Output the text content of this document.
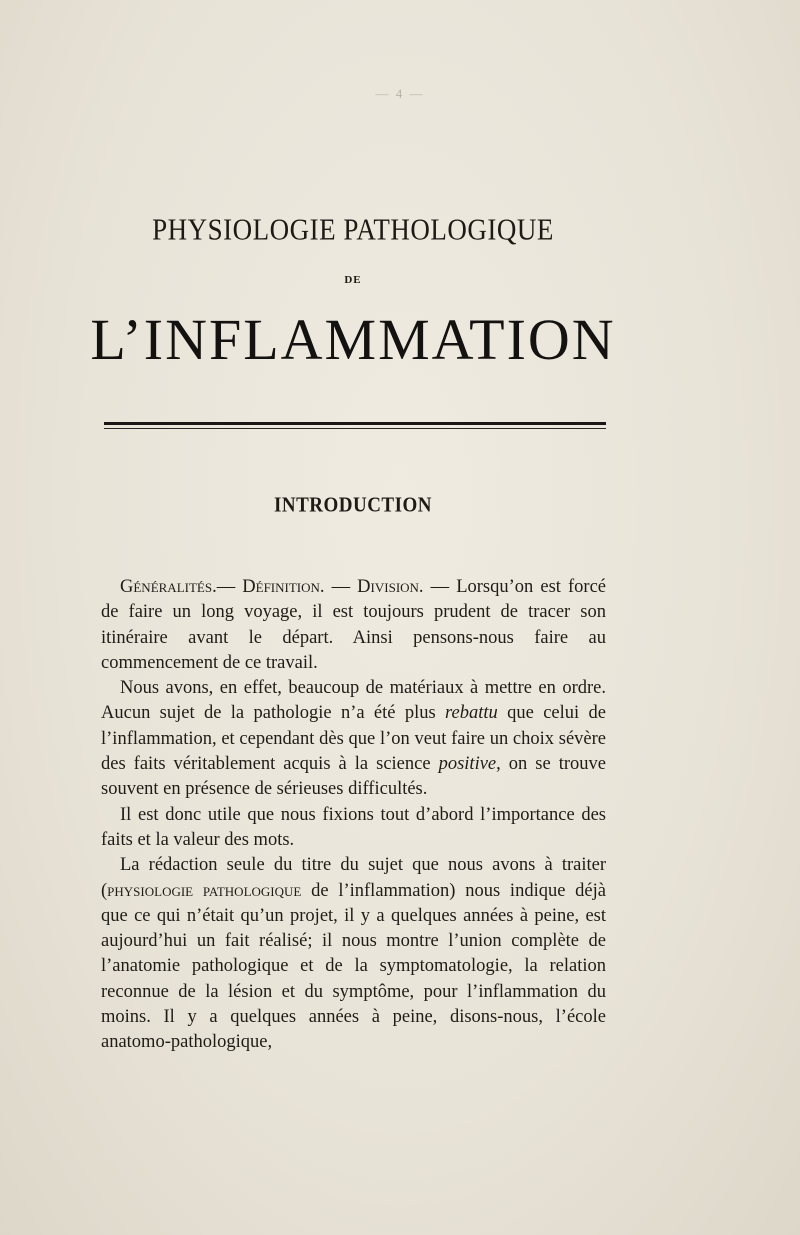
— 4 —
PHYSIOLOGIE PATHOLOGIQUE
DE
L’INFLAMMATION
INTRODUCTION

Généralités.— Définition. — Division. — Lorsqu’on est forcé de faire un long voyage, il est toujours prudent de tracer son itinéraire avant le départ. Ainsi pensons-nous faire au commencement de ce travail.

Nous avons, en effet, beaucoup de matériaux à mettre en ordre. Aucun sujet de la pathologie n’a été plus rebattu que celui de l’inflammation, et cependant dès que l’on veut faire un choix sévère des faits véritablement acquis à la science positive, on se trouve souvent en présence de sérieuses difficultés.

Il est donc utile que nous fixions tout d’abord l’importance des faits et la valeur des mots.

La rédaction seule du titre du sujet que nous avons à traiter (physiologie pathologique de l’inflammation) nous indique déjà que ce qui n’était qu’un projet, il y a quelques années à peine, est aujourd’hui un fait réalisé; il nous montre l’union complète de l’anatomie pathologique et de la symptomatologie, la relation reconnue de la lésion et du symptôme, pour l’inflammation du moins. Il y a quelques années à peine, disons-nous, l’école anatomo-pathologique,
